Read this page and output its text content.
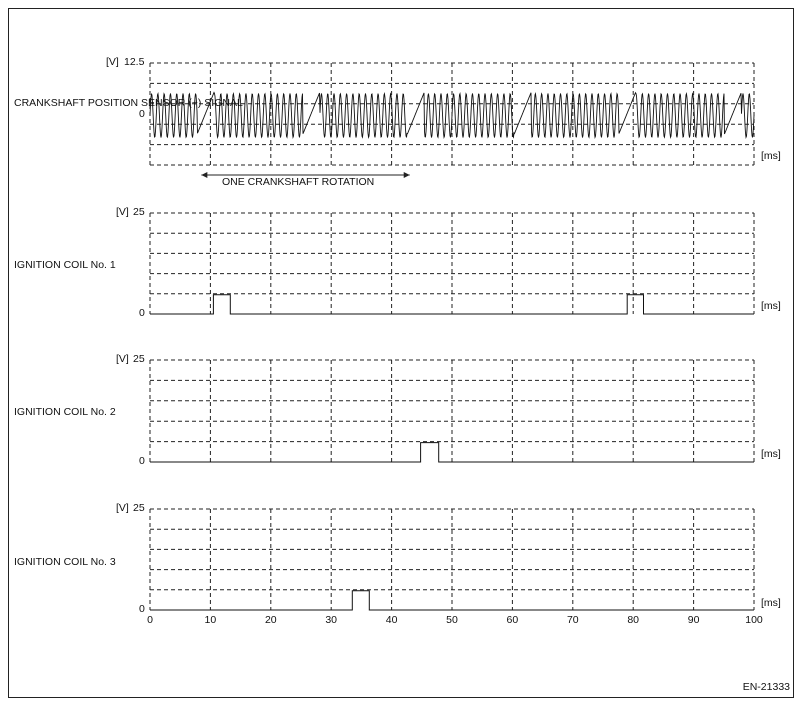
CRANKSHAFT POSITION SENSOR (+) SIGNAL
IGNITION COIL No. 1
IGNITION COIL No. 2
IGNITION COIL No. 3
[V] 12.5
0
[ms]
ONE CRANKSHAFT ROTATION
[V] 25
0
[ms]
[V] 25
0
[ms]
[V] 25
0	[ms]
0	10	20	30	40	50	60	70	80	90	100
EN-21333
